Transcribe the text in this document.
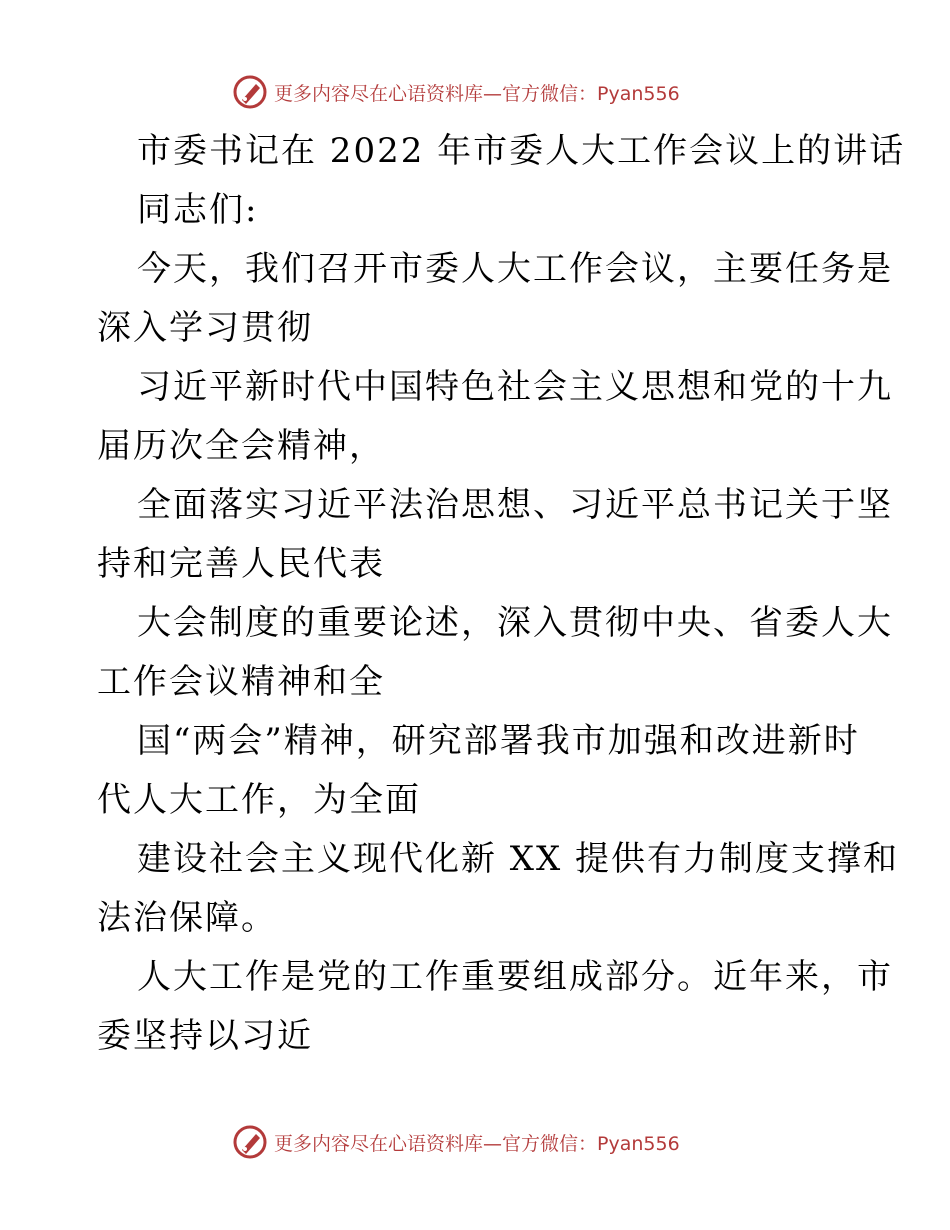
更多内容尽在心语资料库— 官方微信：Pyan556
市委书记在 2022 年市委人大工作会议上的讲话
同志们:
今天，我们召开市委人大工作会议，主要任务是
深入学习贯彻
习近平新时代中国特色社会主义思想和党的十九
届历次全会精神，
全面落实习近平法治思想、习近平总书记关于坚
持和完善人民代表
大会制度的重要论述，深入贯彻中央、省委人大
工作会议精神和全
国“两会”精神，研究部署我市加强和改进新时
代人大工作，为全面
建设社会主义现代化新 XX 提供有力制度支撑和
法治保障。
人大工作是党的工作重要组成部分。近年来，市
委坚持以习近
更多内容尽在心语资料库— 官方微信：Pyan556
